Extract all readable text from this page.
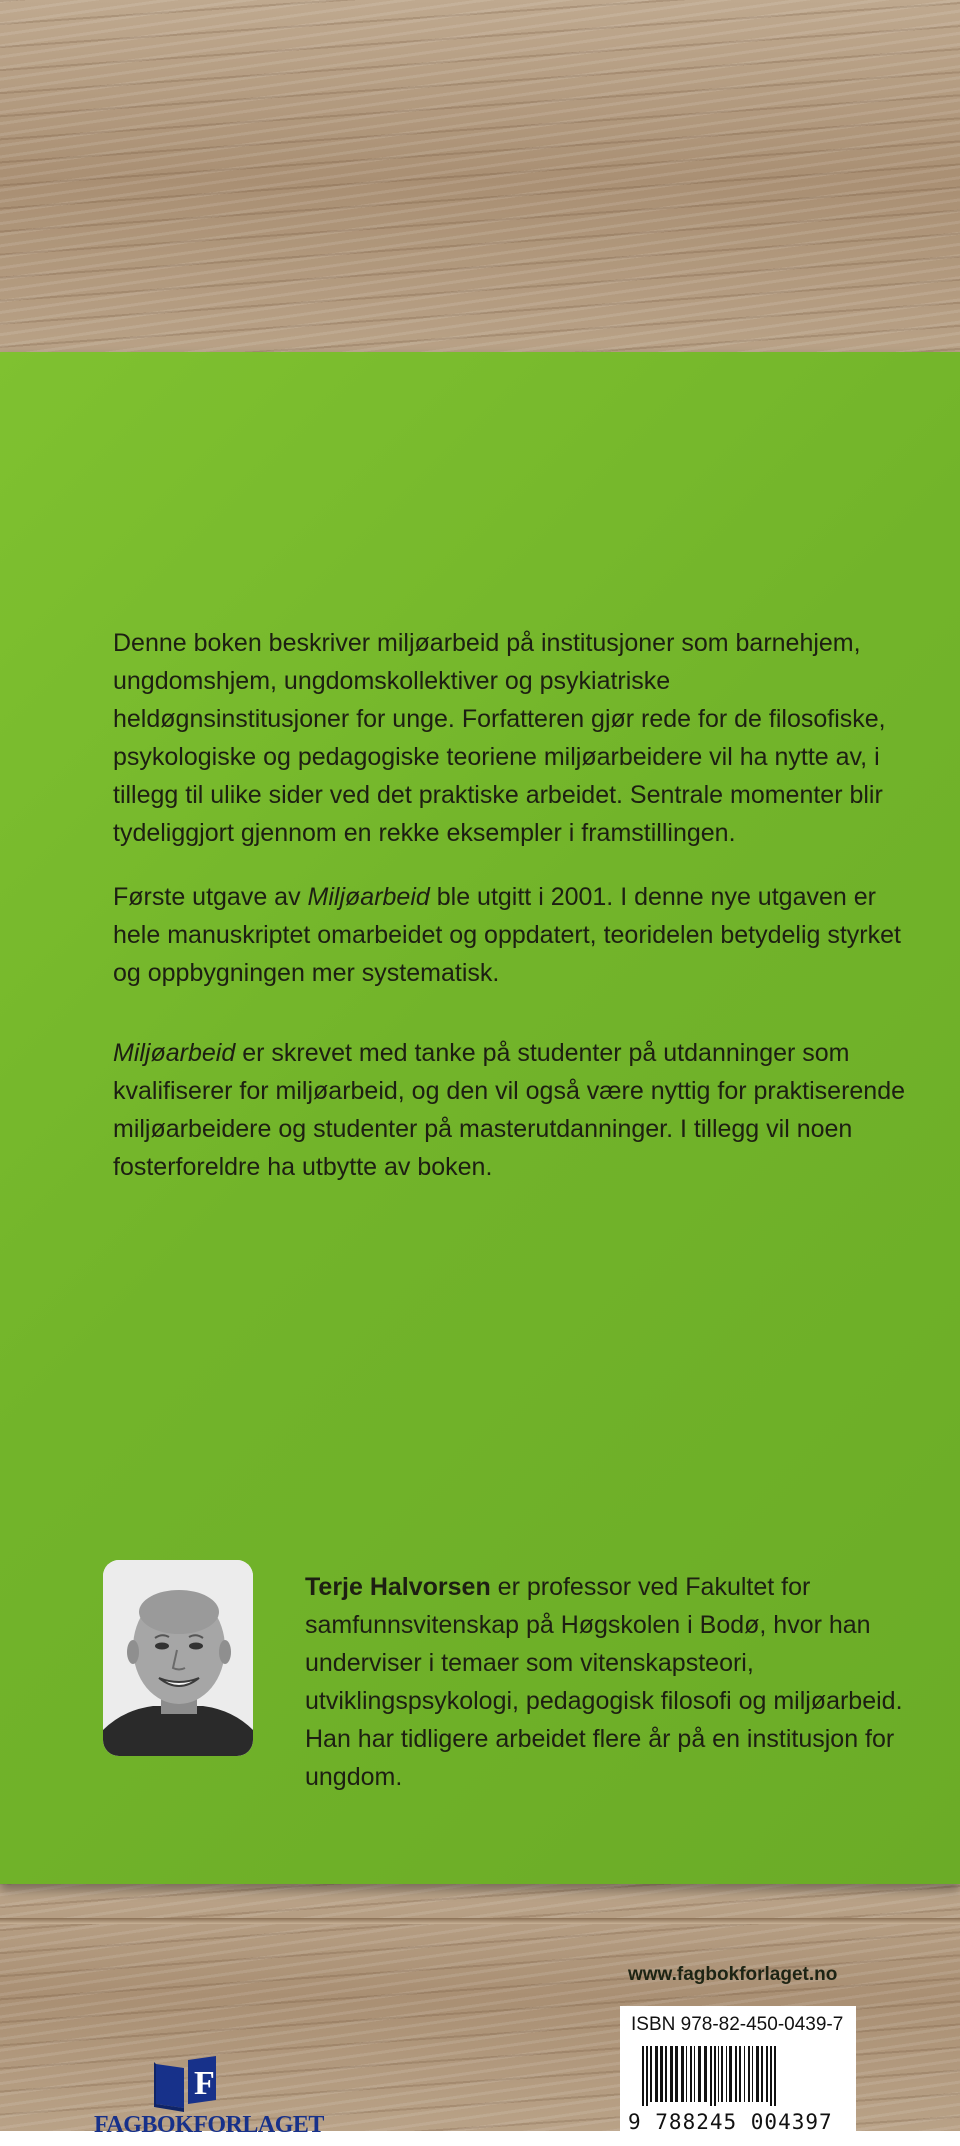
Denne boken beskriver miljøarbeid på institusjoner som barnehjem, ungdomshjem, ungdomskollektiver og psykiatriske heldøgnsinstitusjoner for unge. Forfatteren gjør rede for de filosofiske, psykologiske og pedagogiske teoriene miljøarbeidere vil ha nytte av, i tillegg til ulike sider ved det praktiske arbeidet. Sentrale momenter blir tydeliggjort gjennom en rekke eksempler i framstillingen.

Første utgave av Miljøarbeid ble utgitt i 2001. I denne nye utgaven er hele manuskriptet omarbeidet og oppdatert, teoridelen betydelig styrket og oppbygningen mer systematisk.

Miljøarbeid er skrevet med tanke på studenter på utdanninger som kvalifiserer for miljøarbeid, og den vil også være nyttig for praktiserende miljøarbeidere og studenter på masterutdanninger. I tillegg vil noen fosterforeldre ha utbytte av boken.

Terje Halvorsen er professor ved Fakultet for samfunnsvitenskap på Høgskolen i Bodø, hvor han underviser i temaer som vitenskapsteori, utviklingspsykologi, pedagogisk filosofi og miljøarbeid. Han har tidligere arbeidet flere år på en institusjon for ungdom.

www.fagbokforlaget.no
ISBN 978-82-450-0439-7
9 788245 004397
F
FAGBOKFORLAGET
